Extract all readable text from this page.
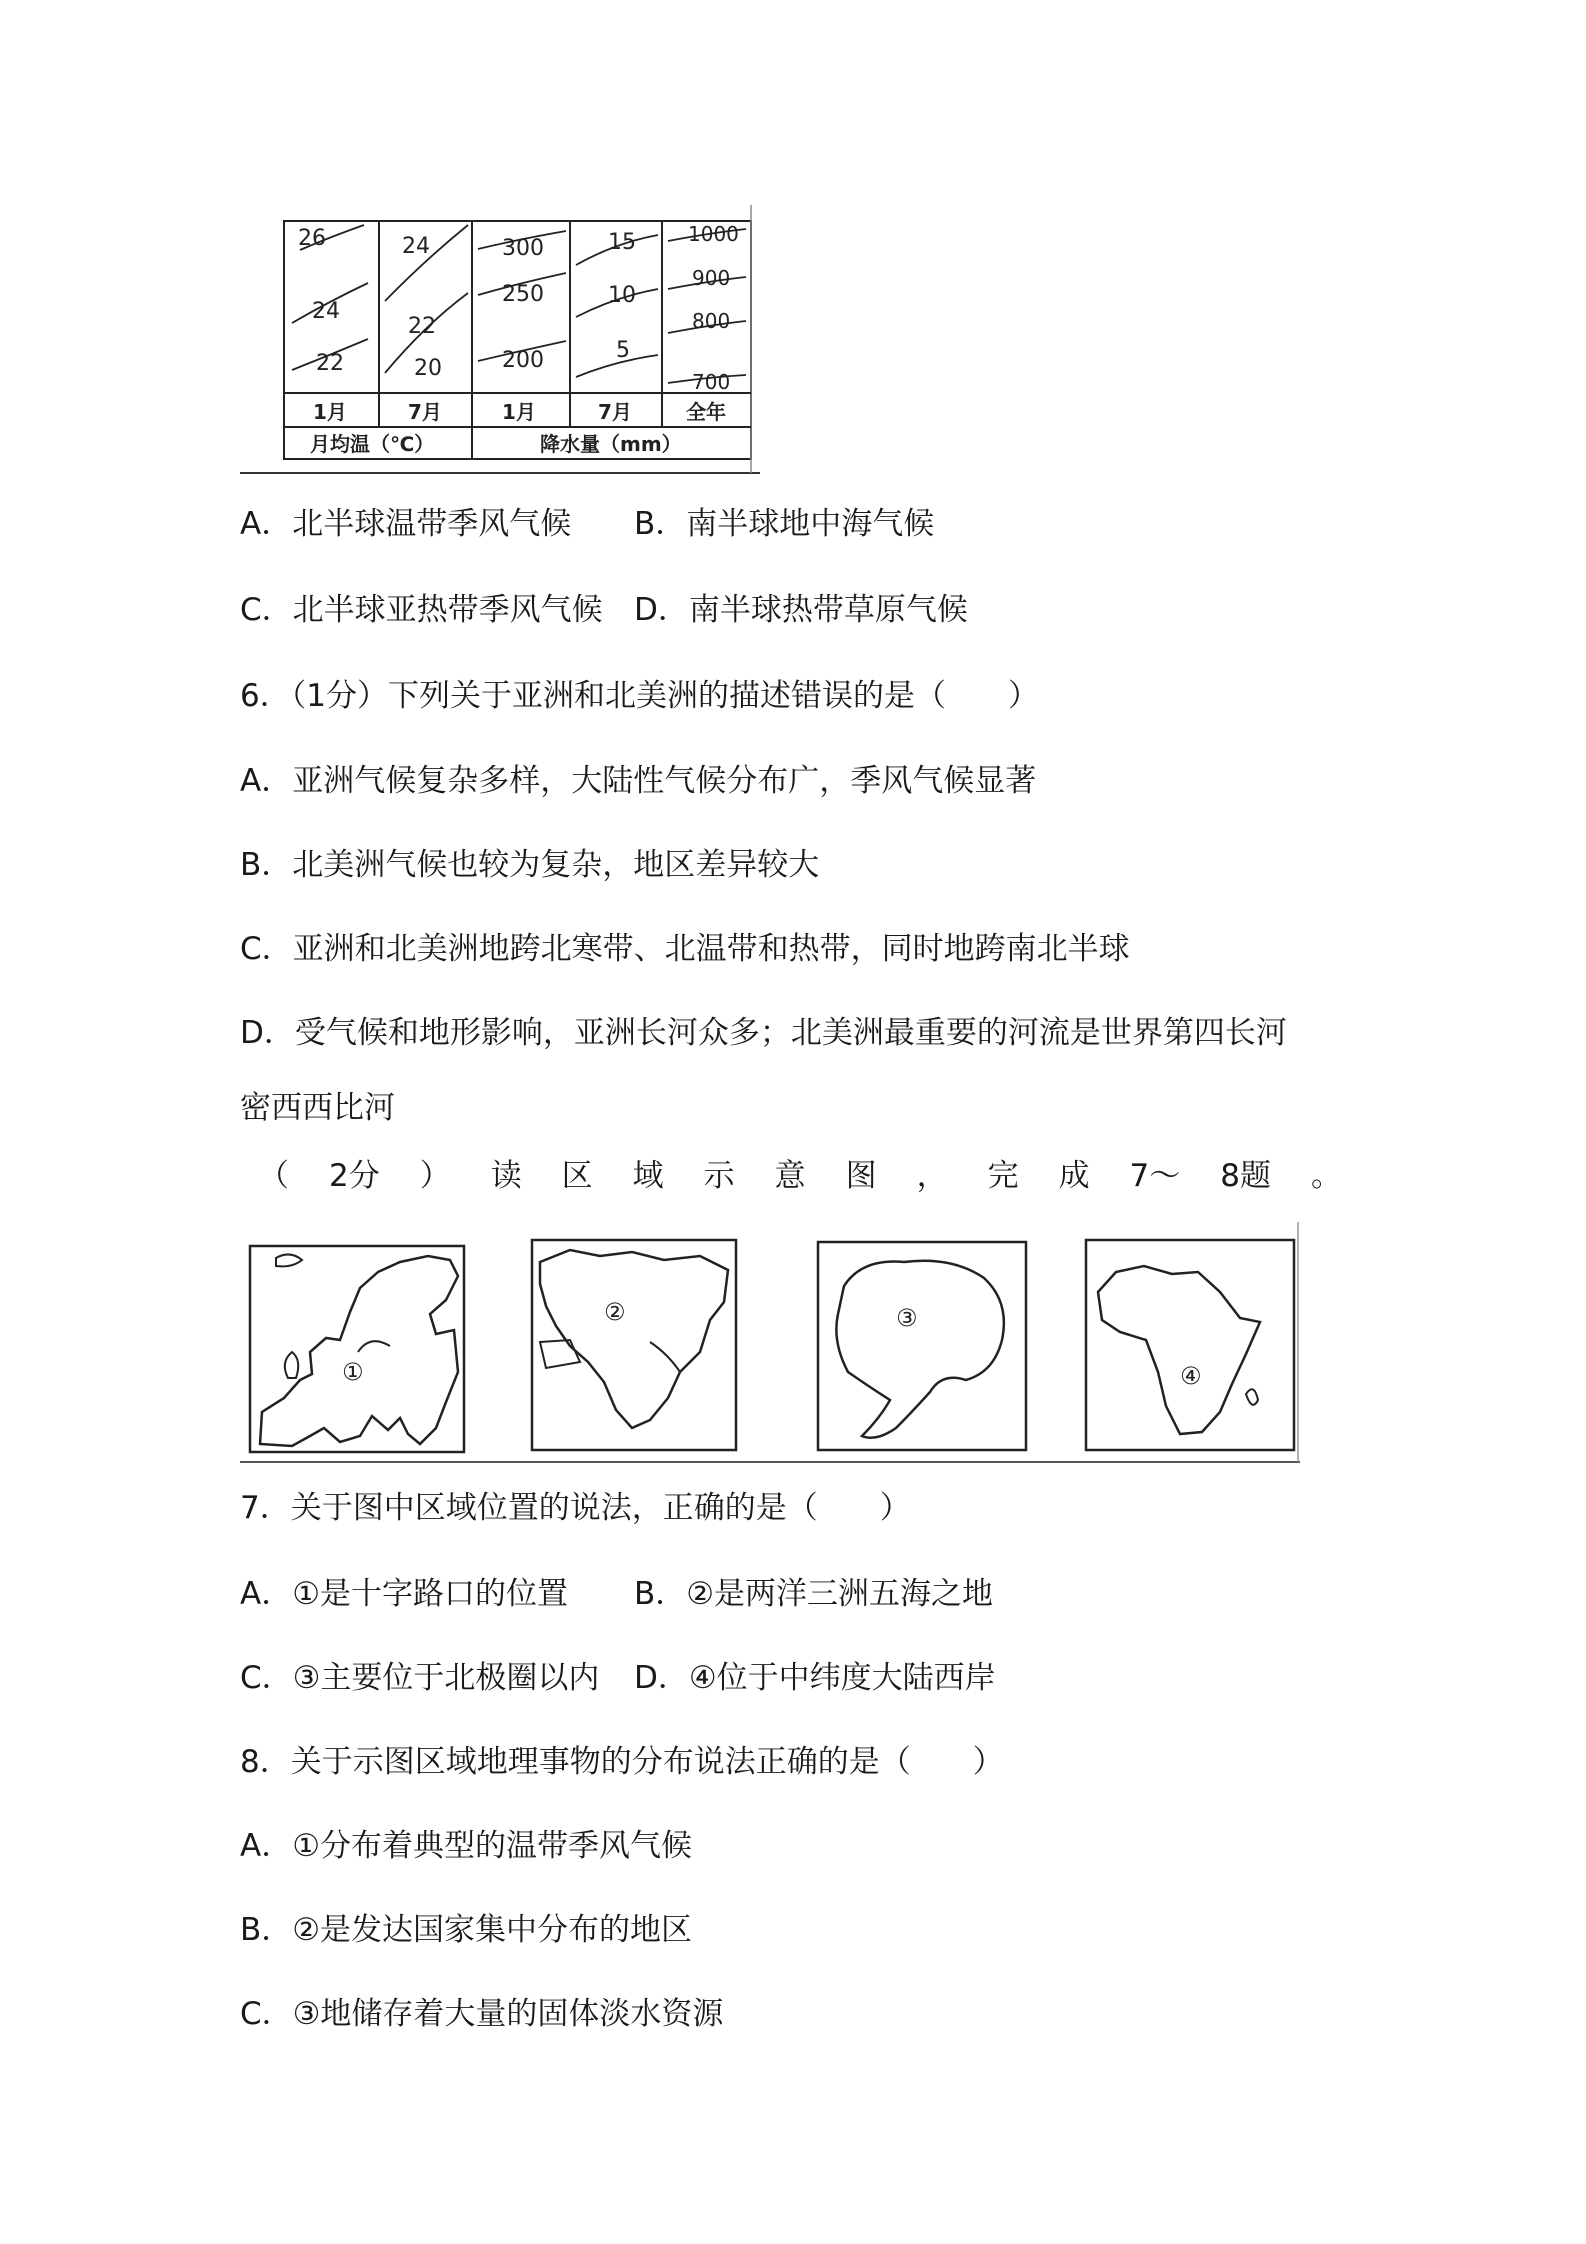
26
24
22
24
22
20
300
250
200
15
10
5
1000
900
800
700
1月	7月	1月	7月	全年
月均温（℃）	降水量（mm）
A．北半球温带季风气候 B．南半球地中海气候
C．北半球亚热带季风气候 D．南半球热带草原气候
6．（1分）下列关于亚洲和北美洲的描述错误的是（　　）
A．亚洲气候复杂多样，大陆性气候分布广，季风气候显著
B．北美洲气候也较为复杂，地区差异较大
C．亚洲和北美洲地跨北寒带、北温带和热带，同时地跨南北半球
D．受气候和地形影响，亚洲长河众多；北美洲最重要的河流是世界第四长河
密西西比河
（ 2分 ） 读 区 域 示 意 图 ， 完 成 7～ 8题 。
①
②	③
④
7．关于图中区域位置的说法，正确的是（　　）
A．①是十字路口的位置 B．②是两洋三洲五海之地
C．③主要位于北极圈以内 D．④位于中纬度大陆西岸
8．关于示图区域地理事物的分布说法正确的是（　　）
A．①分布着典型的温带季风气候
B．②是发达国家集中分布的地区
C．③地储存着大量的固体淡水资源
